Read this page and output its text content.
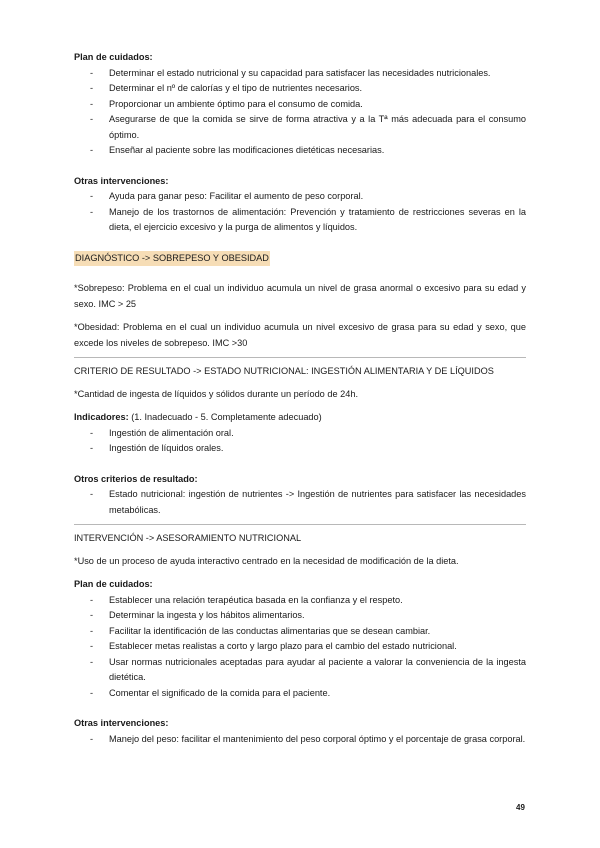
Plan de cuidados:

- Determinar el estado nutricional y su capacidad para satisfacer las necesidades nutricionales.
- Determinar el nº de calorías y el tipo de nutrientes necesarios.
- Proporcionar un ambiente óptimo para el consumo de comida.
- Asegurarse de que la comida se sirve de forma atractiva y a la Tª más adecuada para el consumo óptimo.
- Enseñar al paciente sobre las modificaciones dietéticas necesarias.

Otras intervenciones:

- Ayuda para ganar peso: Facilitar el aumento de peso corporal.
- Manejo de los trastornos de alimentación: Prevención y tratamiento de restricciones severas en la dieta, el ejercicio excesivo y la purga de alimentos y líquidos.

DIAGNÓSTICO -> SOBREPESO Y OBESIDAD

*Sobrepeso: Problema en el cual un individuo acumula un nivel de grasa anormal o excesivo para su edad y sexo. IMC > 25

*Obesidad: Problema en el cual un individuo acumula un nivel excesivo de grasa para su edad y sexo, que excede los niveles de sobrepeso. IMC >30

CRITERIO DE RESULTADO -> ESTADO NUTRICIONAL: INGESTIÓN ALIMENTARIA Y DE LÍQUIDOS

*Cantidad de ingesta de líquidos y sólidos durante un período de 24h.

Indicadores: (1. Inadecuado - 5. Completamente adecuado)

- Ingestión de alimentación oral.
- Ingestión de líquidos orales.

Otros criterios de resultado:

- Estado nutricional: ingestión de nutrientes -> Ingestión de nutrientes para satisfacer las necesidades metabólicas.

INTERVENCIÓN -> ASESORAMIENTO NUTRICIONAL

*Uso de un proceso de ayuda interactivo centrado en la necesidad de modificación de la dieta.

Plan de cuidados:

- Establecer una relación terapéutica basada en la confianza y el respeto.
- Determinar la ingesta y los hábitos alimentarios.
- Facilitar la identificación de las conductas alimentarias que se desean cambiar.
- Establecer metas realistas a corto y largo plazo para el cambio del estado nutricional.
- Usar normas nutricionales aceptadas para ayudar al paciente a valorar la conveniencia de la ingesta dietética.
- Comentar el significado de la comida para el paciente.

Otras intervenciones:

- Manejo del peso: facilitar el mantenimiento del peso corporal óptimo y el porcentaje de grasa corporal.
49
